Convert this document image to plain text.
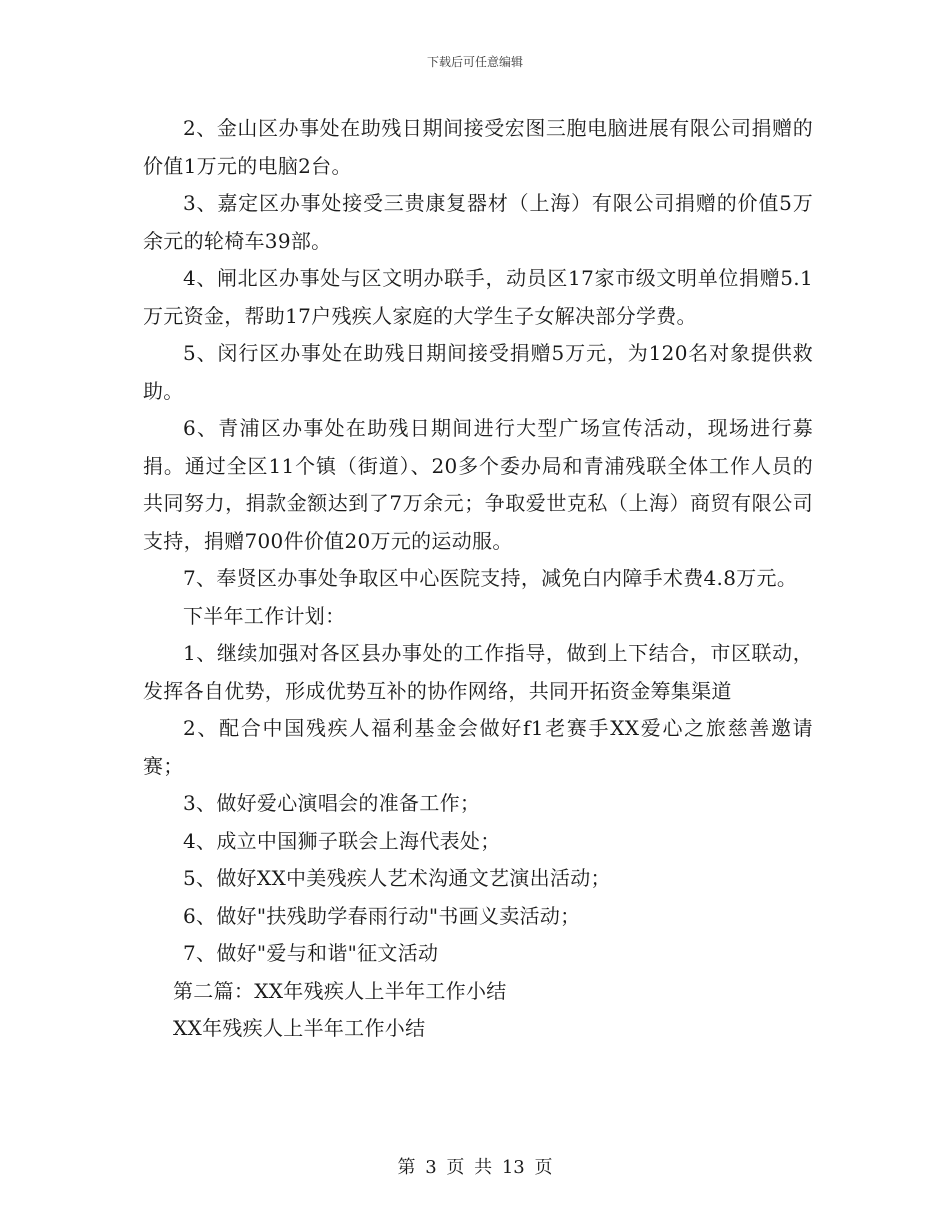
下载后可任意编辑

2、金山区办事处在助残日期间接受宏图三胞电脑进展有限公司捐赠的价值1万元的电脑2台。

3、嘉定区办事处接受三贵康复器材（上海）有限公司捐赠的价值5万余元的轮椅车39部。

4、闸北区办事处与区文明办联手，动员区17家市级文明单位捐赠5.1万元资金，帮助17户残疾人家庭的大学生子女解决部分学费。

5、闵行区办事处在助残日期间接受捐赠5万元，为120名对象提供救助。

6、青浦区办事处在助残日期间进行大型广场宣传活动，现场进行募捐。通过全区11个镇（街道）、20多个委办局和青浦残联全体工作人员的共同努力，捐款金额达到了7万余元；争取爱世克私（上海）商贸有限公司支持，捐赠700件价值20万元的运动服。

7、奉贤区办事处争取区中心医院支持，减免白内障手术费4.8万元。

下半年工作计划：

1、继续加强对各区县办事处的工作指导，做到上下结合，市区联动，发挥各自优势，形成优势互补的协作网络，共同开拓资金筹集渠道

2、配合中国残疾人福利基金会做好f1老赛手XX爱心之旅慈善邀请赛；

3、做好爱心演唱会的准备工作；

4、成立中国狮子联会上海代表处；

5、做好XX中美残疾人艺术沟通文艺演出活动；

6、做好"扶残助学春雨行动"书画义卖活动；

7、做好"爱与和谐"征文活动

第二篇：XX年残疾人上半年工作小结

XX年残疾人上半年工作小结

第 3 页 共 13 页
